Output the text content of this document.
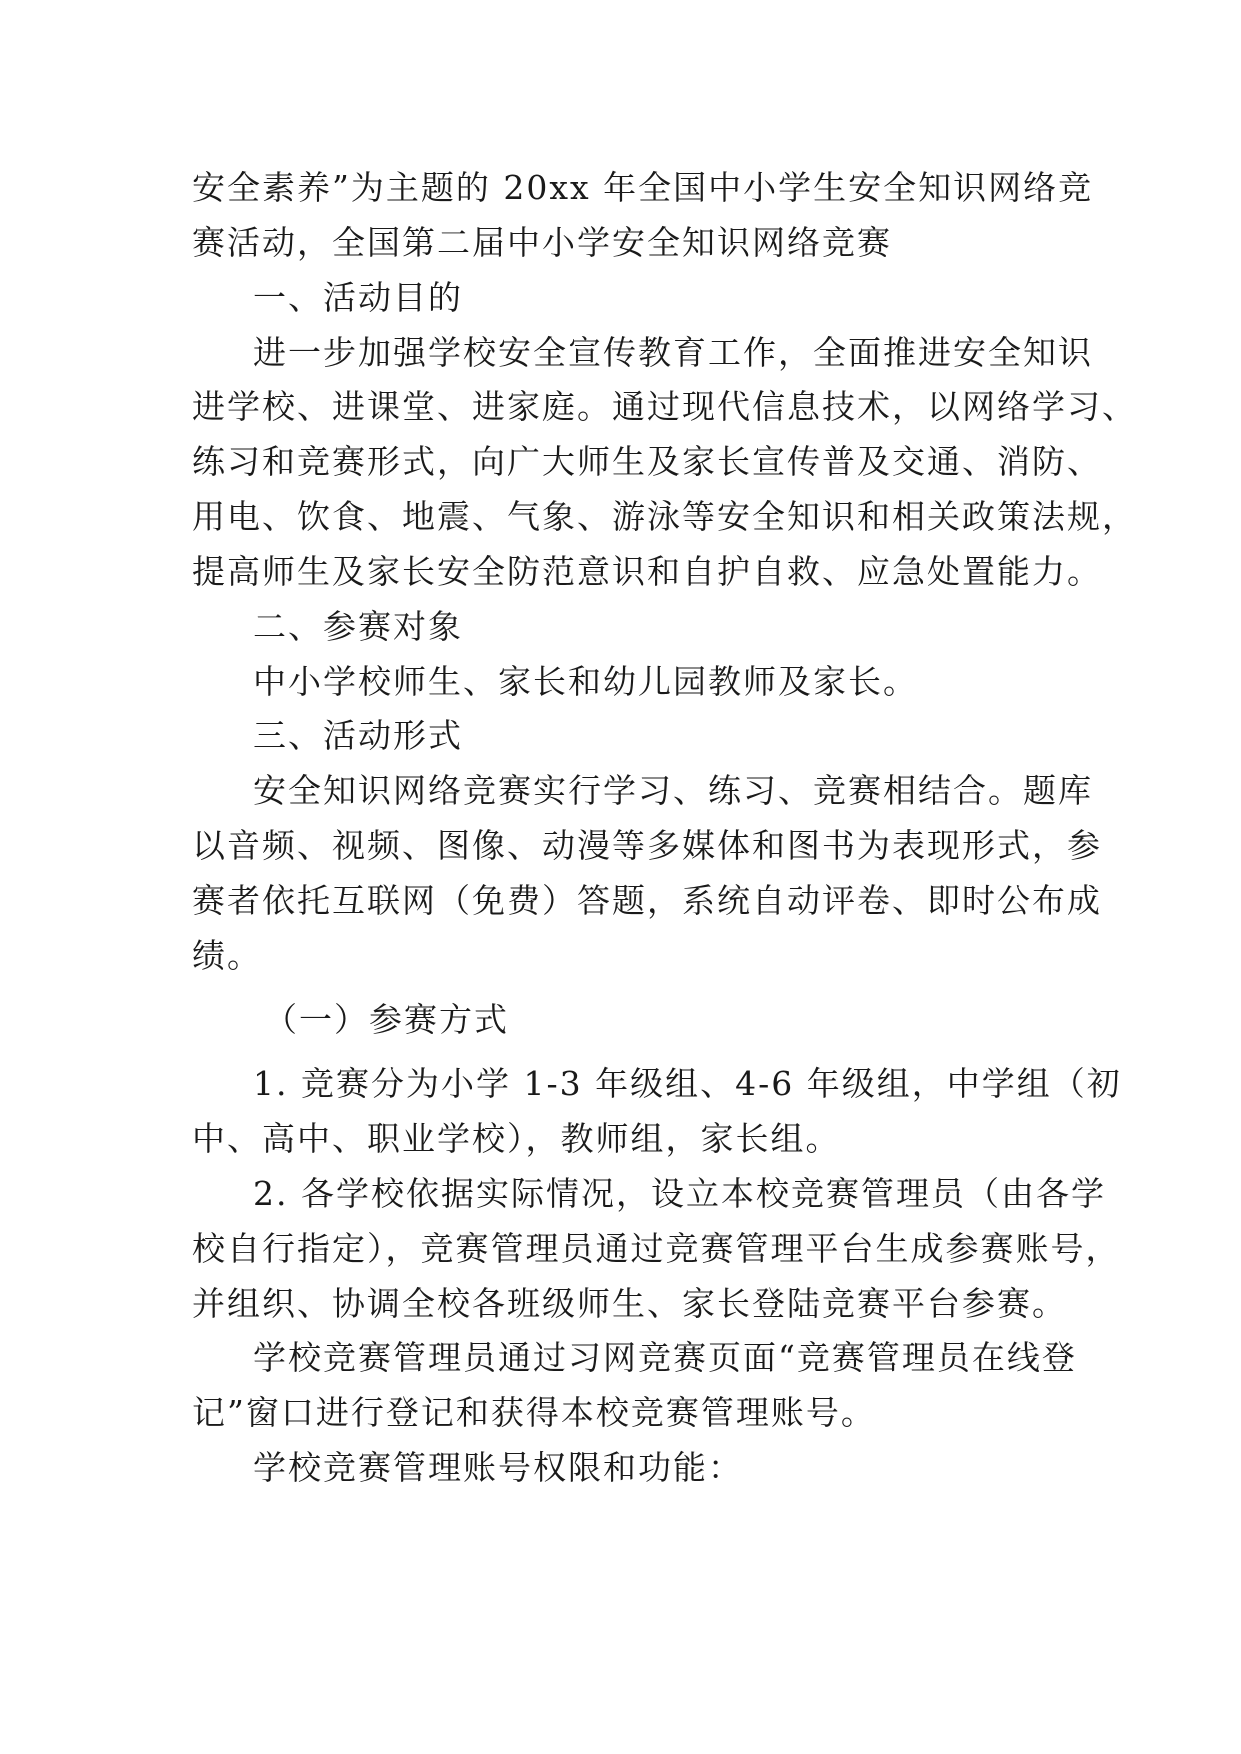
安全素养”为主题的 20xx 年全国中小学生安全知识网络竞
赛活动，全国第二届中小学安全知识网络竞赛
一、活动目的
进一步加强学校安全宣传教育工作，全面推进安全知识
进学校、进课堂、进家庭。通过现代信息技术，以网络学习、
练习和竞赛形式，向广大师生及家长宣传普及交通、消防、
用电、饮食、地震、气象、游泳等安全知识和相关政策法规，
提高师生及家长安全防范意识和自护自救、应急处置能力。
二、参赛对象
中小学校师生、家长和幼儿园教师及家长。
三、活动形式
安全知识网络竞赛实行学习、练习、竞赛相结合。题库
以音频、视频、图像、动漫等多媒体和图书为表现形式，参
赛者依托互联网（免费）答题，系统自动评卷、即时公布成
绩。
（一）参赛方式
1. 竞赛分为小学 1-3 年级组、4-6 年级组，中学组（初
中、高中、职业学校），教师组，家长组。
2. 各学校依据实际情况，设立本校竞赛管理员（由各学
校自行指定），竞赛管理员通过竞赛管理平台生成参赛账号，
并组织、协调全校各班级师生、家长登陆竞赛平台参赛。
学校竞赛管理员通过习网竞赛页面“竞赛管理员在线登
记”窗口进行登记和获得本校竞赛管理账号。
学校竞赛管理账号权限和功能：
